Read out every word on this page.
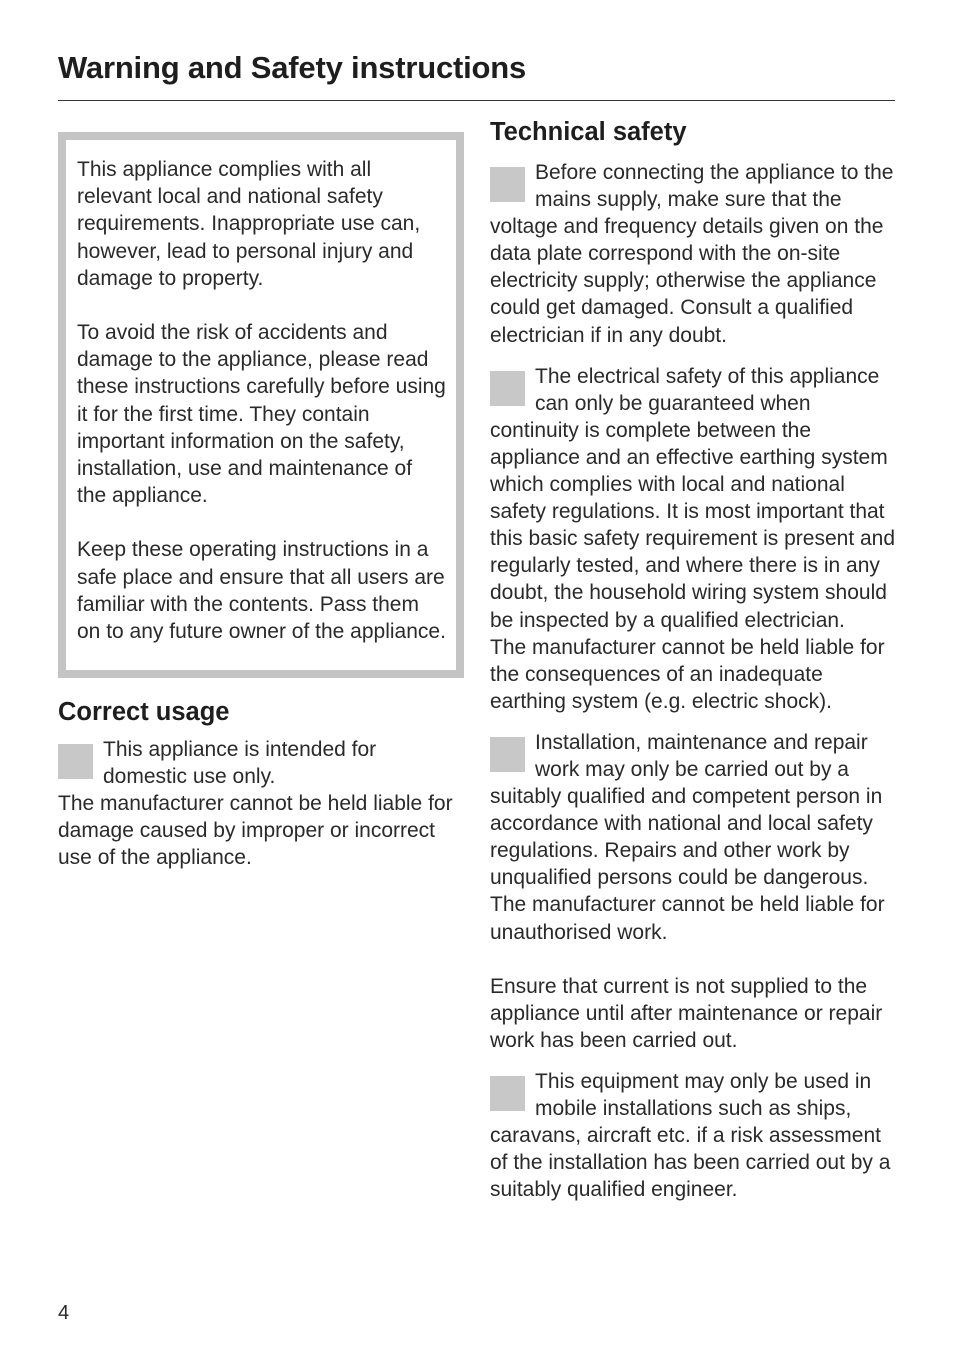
Warning and Safety instructions

This appliance complies with all relevant local and national safety requirements. Inappropriate use can, however, lead to personal injury and damage to property.

To avoid the risk of accidents and damage to the appliance, please read these instructions carefully before using it for the first time. They contain important information on the safety, installation, use and maintenance of the appliance.

Keep these operating instructions in a safe place and ensure that all users are familiar with the contents. Pass them on to any future owner of the appliance.

Correct usage
This appliance is intended for domestic use only.
The manufacturer cannot be held liable for damage caused by improper or incorrect use of the appliance.
Technical safety
Before connecting the appliance to the mains supply, make sure that the voltage and frequency details given on the data plate correspond with the on-site electricity supply; otherwise the appliance could get damaged. Consult a qualified electrician if in any doubt.
The electrical safety of this appliance can only be guaranteed when continuity is complete between the appliance and an effective earthing system which complies with local and national safety regulations. It is most important that this basic safety requirement is present and regularly tested, and where there is in any doubt, the household wiring system should be inspected by a qualified electrician.
The manufacturer cannot be held liable for the consequences of an inadequate earthing system (e.g. electric shock).
Installation, maintenance and repair work may only be carried out by a suitably qualified and competent person in accordance with national and local safety regulations. Repairs and other work by unqualified persons could be dangerous. The manufacturer cannot be held liable for unauthorised work.

Ensure that current is not supplied to the appliance until after maintenance or repair work has been carried out.

This equipment may only be used in mobile installations such as ships, caravans, aircraft etc. if a risk assessment of the installation has been carried out by a suitably qualified engineer.
4
